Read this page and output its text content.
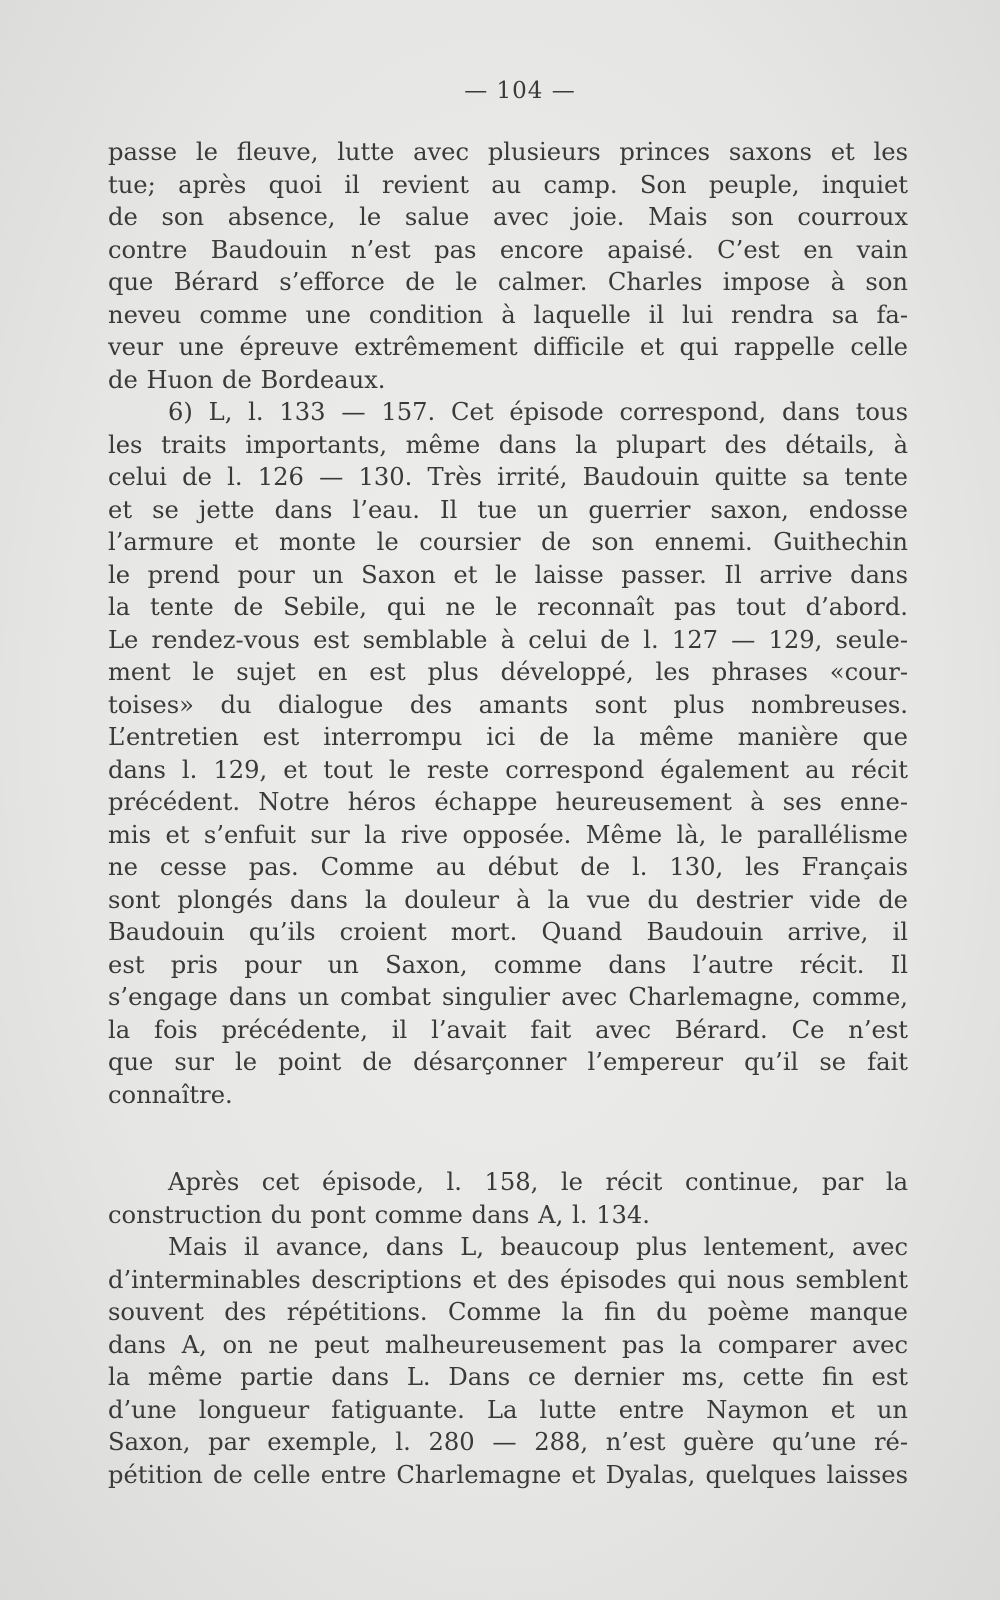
— 104 —

passe le fleuve, lutte avec plusieurs princes saxons et les
tue; après quoi il revient au camp. Son peuple, inquiet
de son absence, le salue avec joie. Mais son courroux
contre Baudouin n’est pas encore apaisé. C’est en vain
que Bérard s’efforce de le calmer. Charles impose à son
neveu comme une condition à laquelle il lui rendra sa fa-
veur une épreuve extrêmement difficile et qui rappelle celle
de Huon de Bordeaux.
6) L, l. 133 — 157. Cet épisode correspond, dans tous
les traits importants, même dans la plupart des détails, à
celui de l. 126 — 130. Très irrité, Baudouin quitte sa tente
et se jette dans l’eau. Il tue un guerrier saxon, endosse
l’armure et monte le coursier de son ennemi. Guithechin
le prend pour un Saxon et le laisse passer. Il arrive dans
la tente de Sebile, qui ne le reconnaît pas tout d’abord.
Le rendez-vous est semblable à celui de l. 127 — 129, seule-
ment le sujet en est plus développé, les phrases «cour-
toises» du dialogue des amants sont plus nombreuses.
L’entretien est interrompu ici de la même manière que
dans l. 129, et tout le reste correspond également au récit
précédent. Notre héros échappe heureusement à ses enne-
mis et s’enfuit sur la rive opposée. Même là, le parallélisme
ne cesse pas. Comme au début de l. 130, les Français
sont plongés dans la douleur à la vue du destrier vide de
Baudouin qu’ils croient mort. Quand Baudouin arrive, il
est pris pour un Saxon, comme dans l’autre récit. Il
s’engage dans un combat singulier avec Charlemagne, comme,
la fois précédente, il l’avait fait avec Bérard. Ce n’est
que sur le point de désarçonner l’empereur qu’il se fait
connaître.

Après cet épisode, l. 158, le récit continue, par la
construction du pont comme dans A, l. 134.
Mais il avance, dans L, beaucoup plus lentement, avec
d’interminables descriptions et des épisodes qui nous semblent
souvent des répétitions. Comme la fin du poème manque
dans A, on ne peut malheureusement pas la comparer avec
la même partie dans L. Dans ce dernier ms, cette fin est
d’une longueur fatiguante. La lutte entre Naymon et un
Saxon, par exemple, l. 280 — 288, n’est guère qu’une ré-
pétition de celle entre Charlemagne et Dyalas, quelques laisses
